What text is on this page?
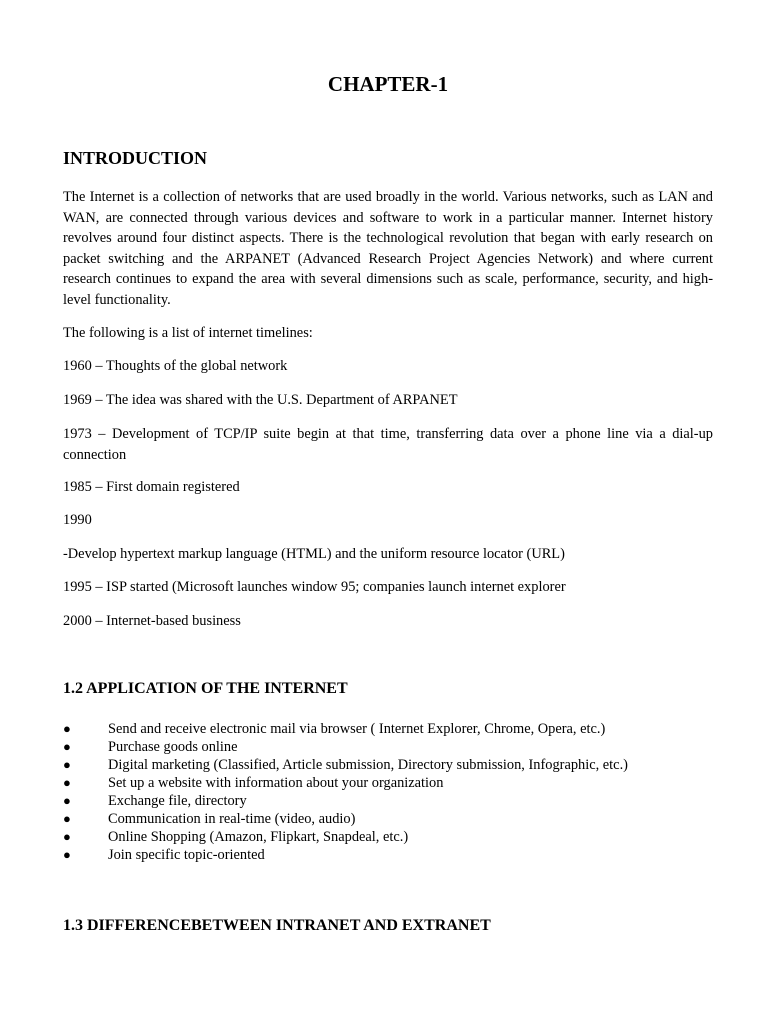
CHAPTER-1
INTRODUCTION

The Internet is a collection of networks that are used broadly in the world. Various networks, such as LAN and WAN, are connected through various devices and software to work in a particular manner. Internet history revolves around four distinct aspects. There is the technological revolution that began with early research on packet switching and the ARPANET (Advanced Research Project Agencies Network) and where current research continues to expand the area with several dimensions such as scale, performance, security, and high-level functionality.

The following is a list of internet timelines:

1960 – Thoughts of the global network

1969 – The idea was shared with the U.S. Department of ARPANET

1973 – Development of TCP/IP suite begin at that time, transferring data over a phone line via a dial-up connection

1985 – First domain registered

1990

-Develop hypertext markup language (HTML) and the uniform resource locator (URL)

1995 – ISP started (Microsoft launches window 95; companies launch internet explorer

2000 – Internet-based business

1.2 APPLICATION OF THE INTERNET
●	Send and receive electronic mail via browser ( Internet Explorer, Chrome, Opera, etc.)
●	Purchase goods online
●	Digital marketing (Classified, Article submission, Directory submission, Infographic, etc.)
●	Set up a website with information about your organization
●	Exchange file, directory
●	Communication in real-time (video, audio)
●	Online Shopping (Amazon, Flipkart, Snapdeal, etc.)
●	Join specific topic-oriented
1.3 DIFFERENCEBETWEEN INTRANET AND EXTRANET
